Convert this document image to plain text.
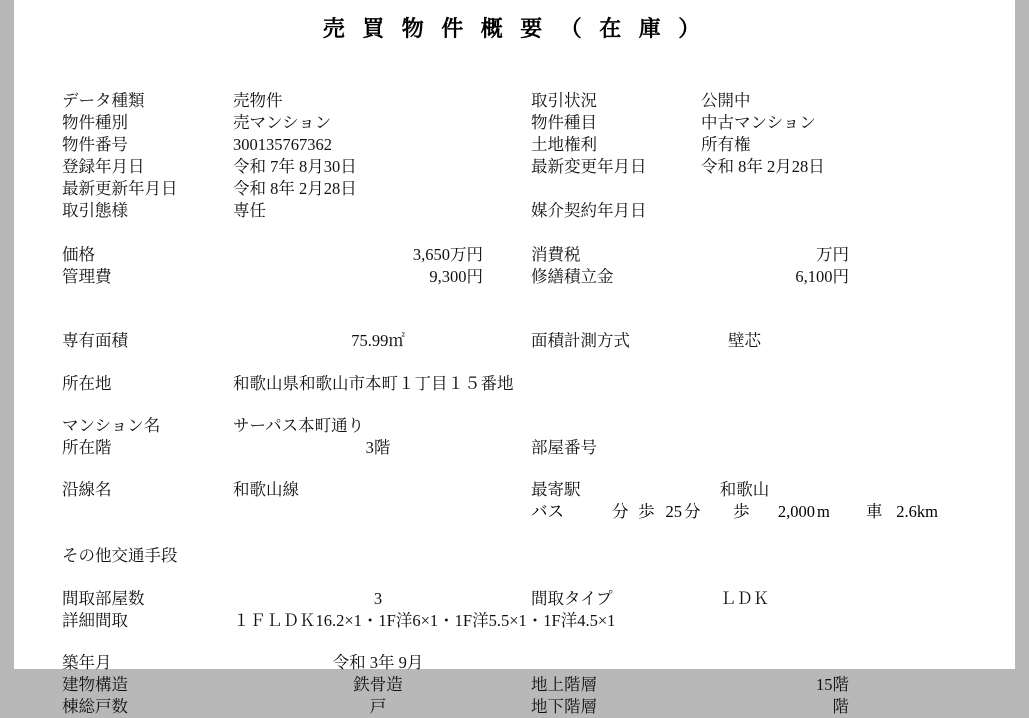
売 買 物 件 概 要 （ 在 庫 ）
データ種類	売物件	取引状況	公開中
物件種別	売マンション	物件種目	中古マンション
物件番号	300135767362	土地権利	所有権
登録年月日	令和 7年 8月30日	最新変更年月日	令和 8年 2月28日
最新更新年月日	令和 8年 2月28日
取引態様	専任	媒介契約年月日
価格	3,650万円	消費税	万円
管理費	9,300円	修繕積立金	6,100円
専有面積	75.99㎡	面積計測方式	壁芯
所在地	和歌山県和歌山市本町１丁目１５番地
マンション名	サーパス本町通り
所在階	3階	部屋番号
沿線名	和歌山線	最寄駅	和歌山
バス	分 歩 25 分 歩	2,000 m 車 2.6km
その他交通手段
間取部屋数	3	間取タイプ	ＬＤＫ
詳細間取	１ＦＬＤＫ16.2×1・1F洋6×1・1F洋5.5×1・1F洋4.5×1
築年月	令和 3年 9月
建物構造	鉄骨造	地上階層	15階
棟総戸数	戸	地下階層	階
